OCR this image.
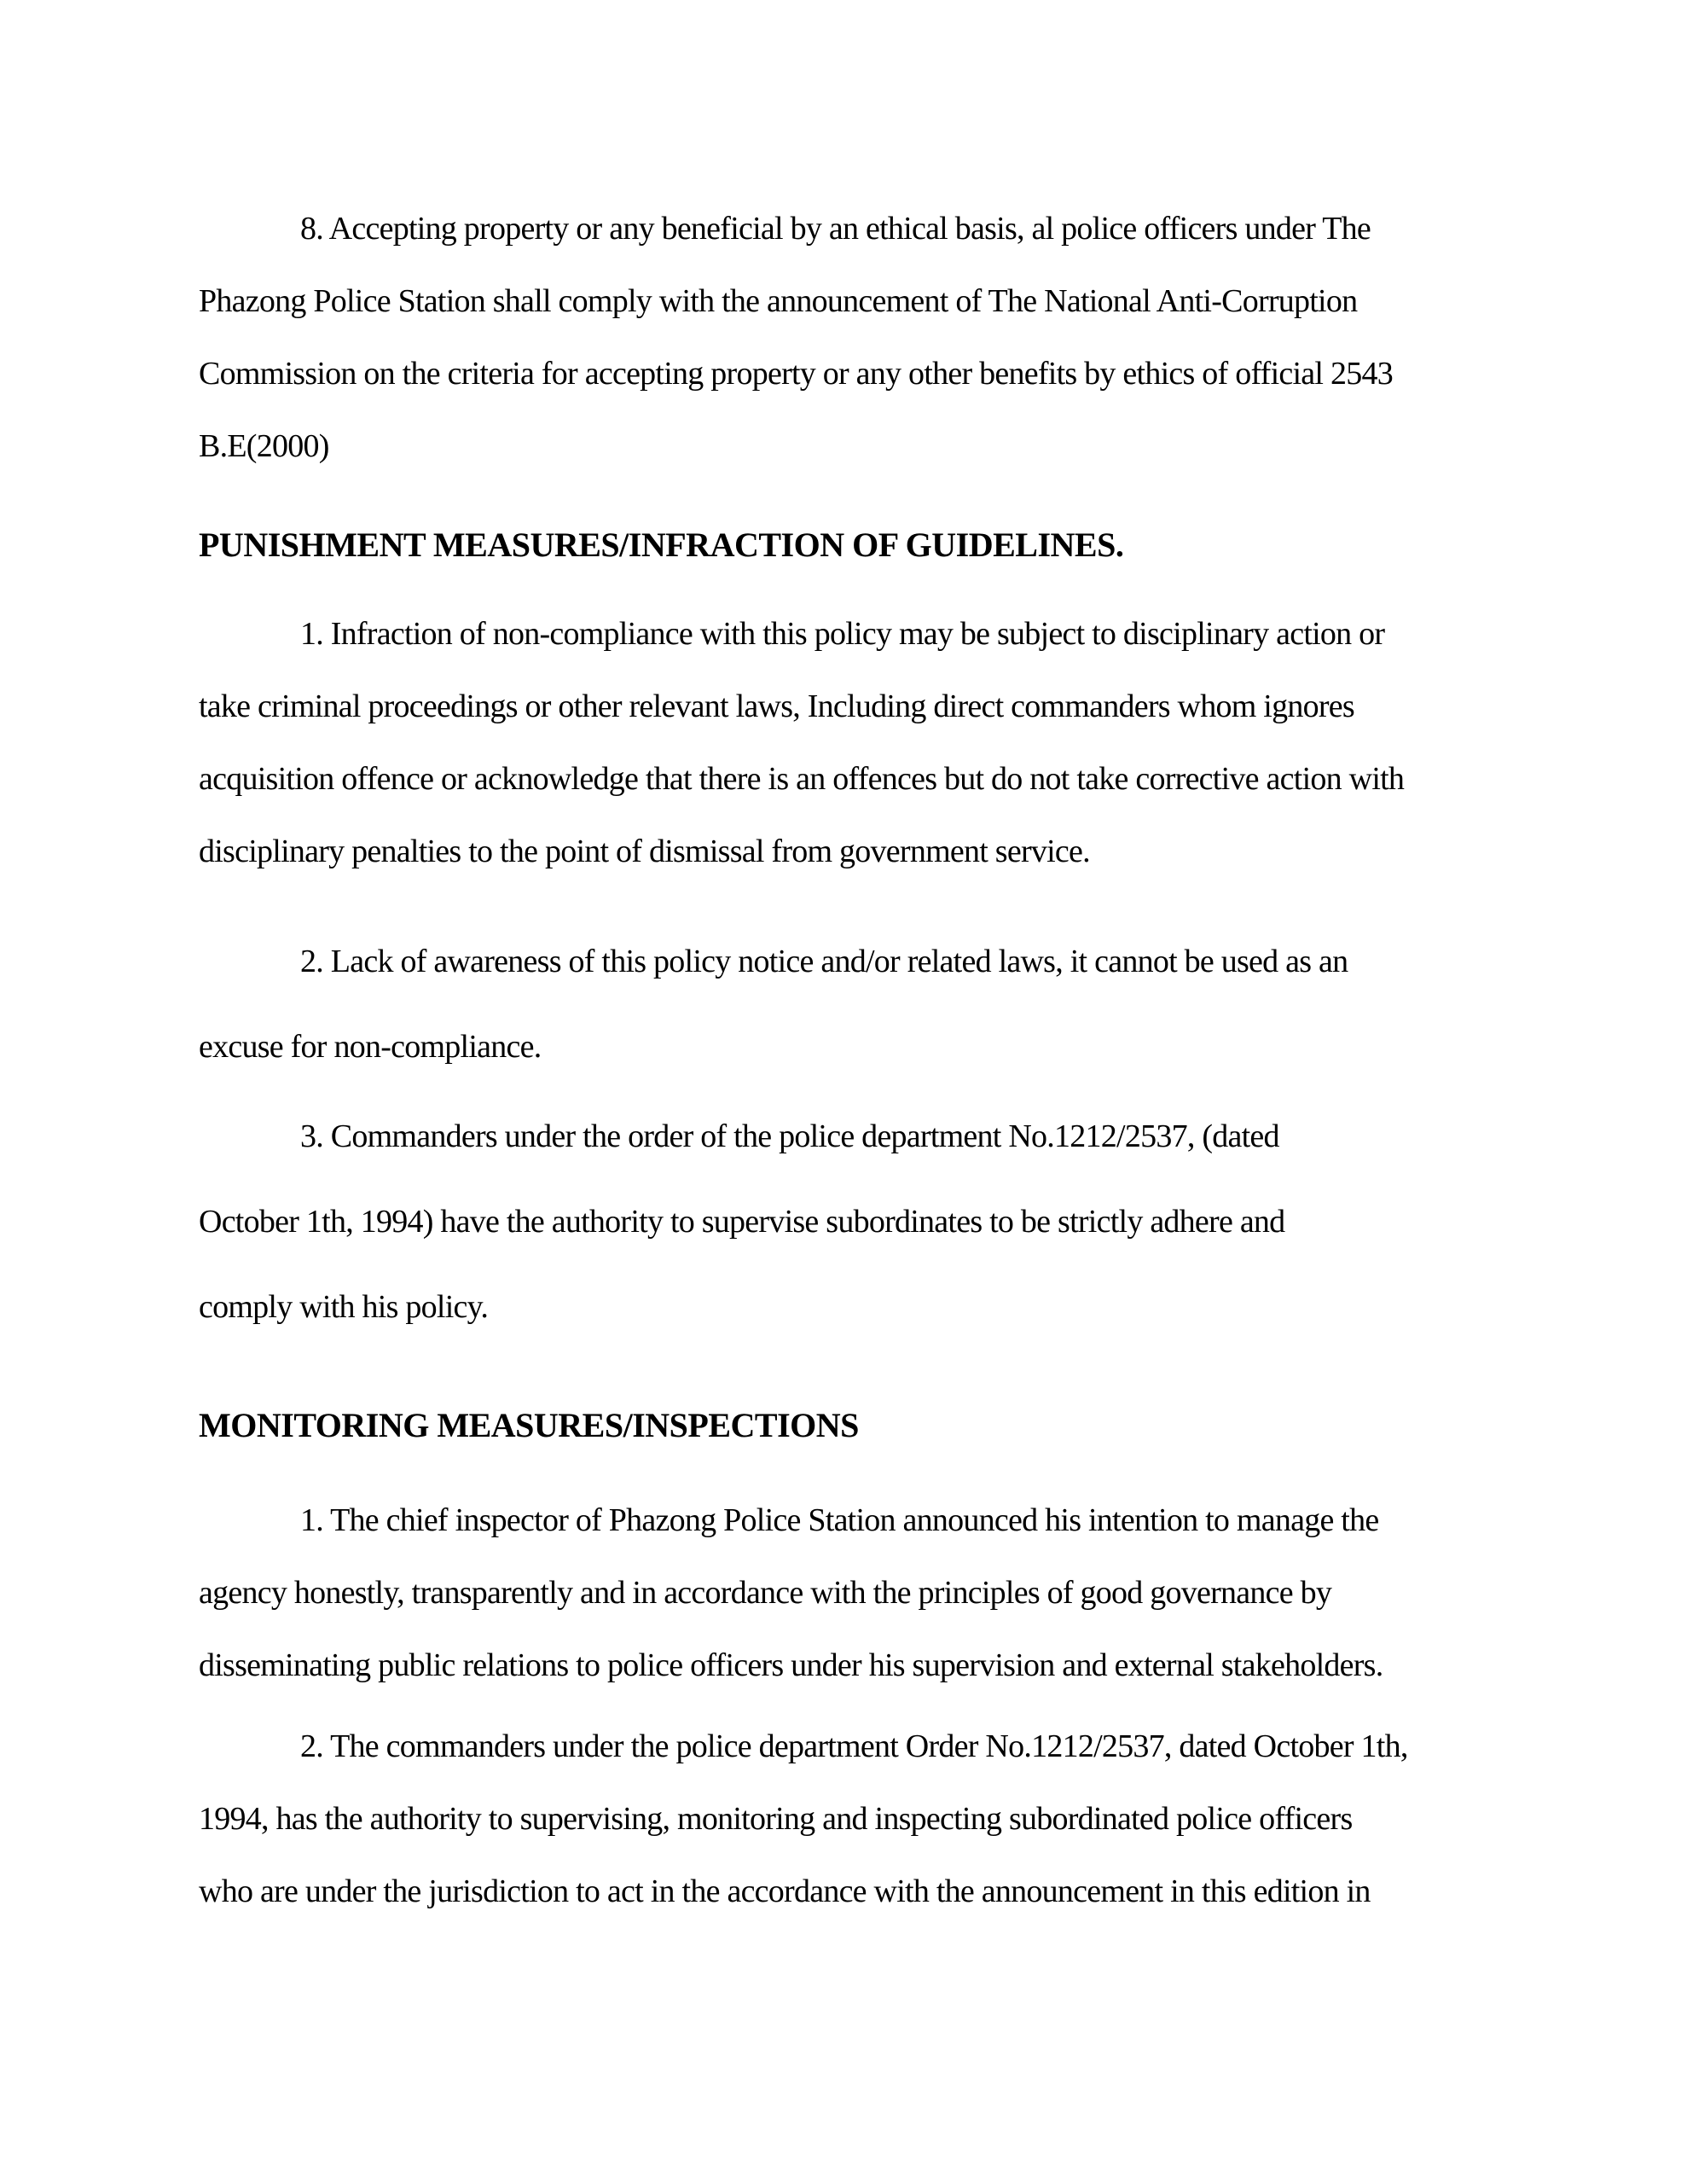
8. Accepting property or any beneficial by an ethical basis, al police officers under The
Phazong Police Station shall comply with the announcement of The National Anti-Corruption
Commission on the criteria for accepting property or any other benefits by ethics of official 2543
B.E(2000)
PUNISHMENT MEASURES/INFRACTION OF GUIDELINES.
1. Infraction of non-compliance with this policy may be subject to disciplinary action or
take criminal proceedings or other relevant laws, Including direct commanders whom ignores
acquisition offence or acknowledge that there is an offences but do not take corrective action with
disciplinary penalties to the point of dismissal from government service.
2. Lack of awareness of this policy notice and/or related laws, it cannot be used as an
excuse for non-compliance.
3. Commanders under the order of the police department No.1212/2537, (dated
October 1th, 1994) have the authority to supervise subordinates to be strictly adhere and
comply with his policy.
MONITORING MEASURES/INSPECTIONS
1. The chief inspector of Phazong Police Station announced his intention to manage the
agency honestly, transparently and in accordance with the principles of good governance by
disseminating public relations to police officers under his supervision and external stakeholders.
2. The commanders under the police department Order No.1212/2537, dated October 1th,
1994, has the authority to supervising, monitoring and inspecting subordinated police officers
who are under the jurisdiction to act in the accordance with the announcement in this edition in
